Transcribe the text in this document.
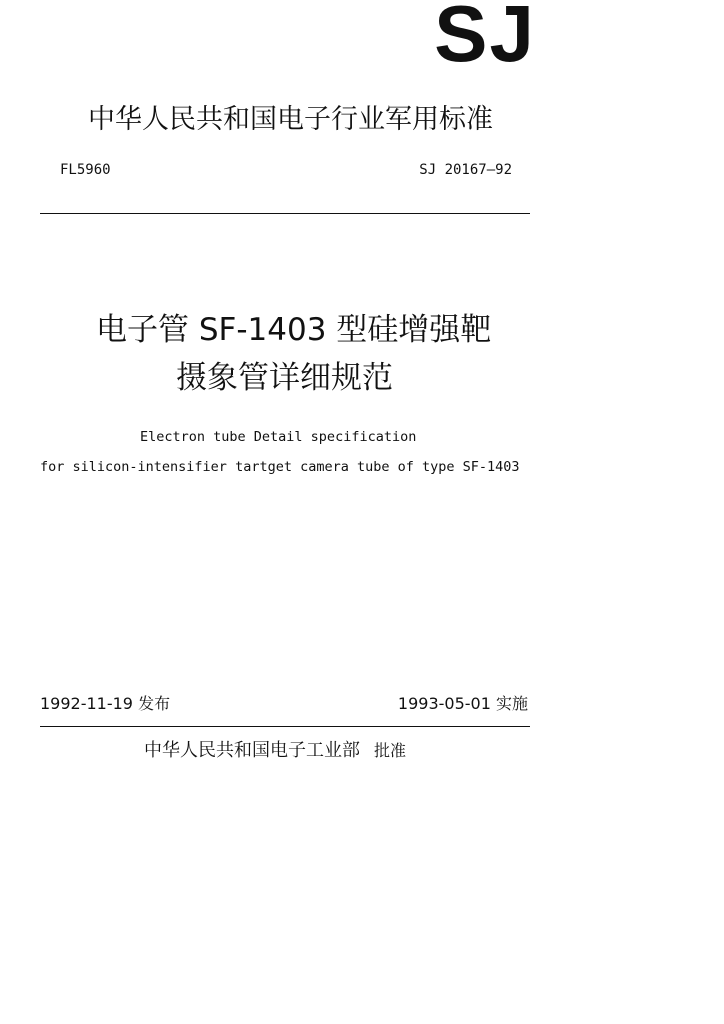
SJ
中华人民共和国电子行业军用标准
FL5960	SJ 20167—92
电子管 SF-1403 型硅增强靶
摄象管详细规范
Electron tube Detail specification
for silicon-intensifier tartget camera tube of type SF-1403
1992-11-19 发布	1993-05-01 实施
中华人民共和国电子工业部 批准
